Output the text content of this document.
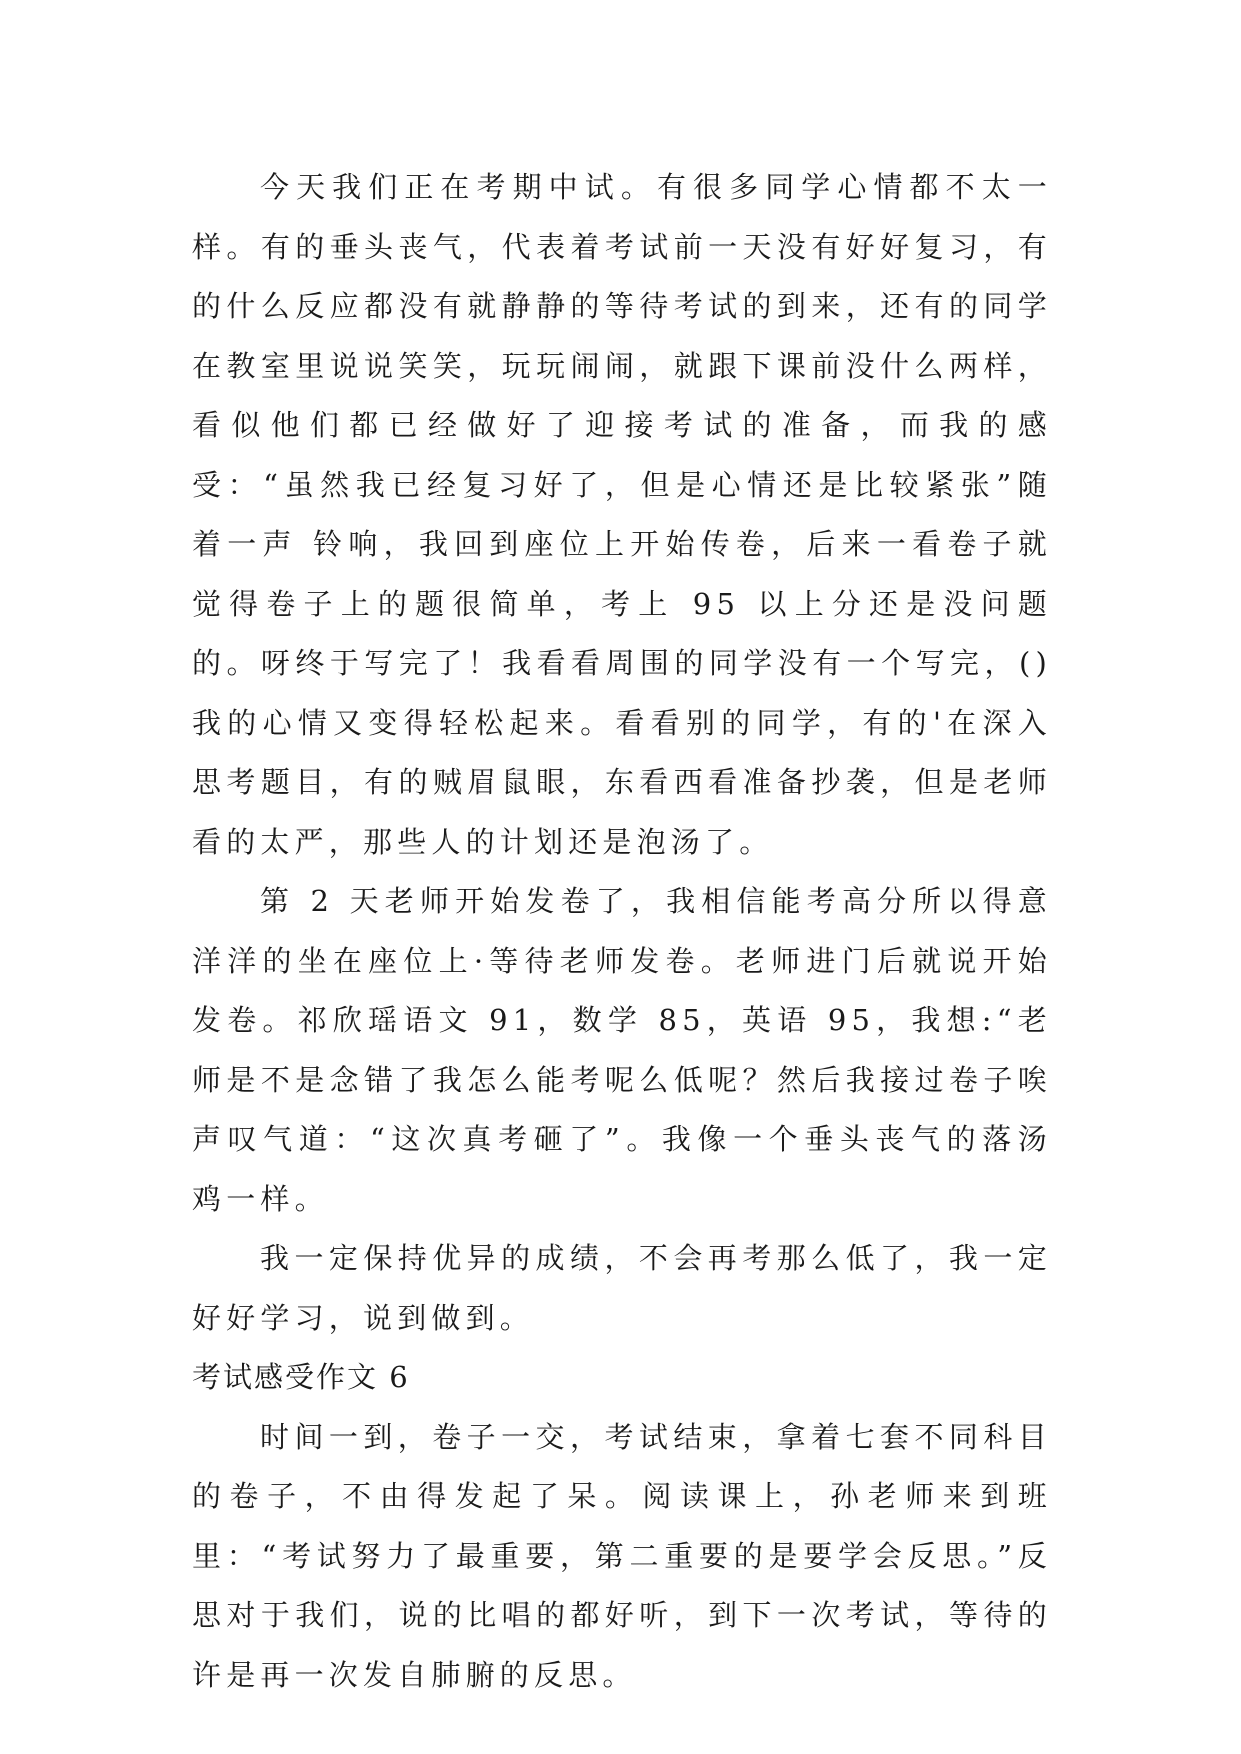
今天我们正在考期中试。有很多同学心情都不太一样。有的垂头丧气，代表着考试前一天没有好好复习，有的什么反应都没有就静静的等待考试的到来，还有的同学在教室里说说笑笑，玩玩闹闹，就跟下课前没什么两样，看似他们都已经做好了迎接考试的准备，而我的感受：“虽然我已经复习好了，但是心情还是比较紧张”随着一声 铃响，我回到座位上开始传卷，后来一看卷子就觉得卷子上的题很简单，考上 95 以上分还是没问题的。呀终于写完了！我看看周围的同学没有一个写完，()我的心情又变得轻松起来。看看别的同学，有的'在深入思考题目，有的贼眉鼠眼，东看西看准备抄袭，但是老师看的太严，那些人的计划还是泡汤了。

第 2 天老师开始发卷了，我相信能考高分所以得意洋洋的坐在座位上·等待老师发卷。老师进门后就说开始发卷。祁欣瑶语文 91，数学 85，英语 95，我想:“老师是不是念错了我怎么能考呢么低呢？然后我接过卷子唉声叹气道：“这次真考砸了”。我像一个垂头丧气的落汤鸡一样。

我一定保持优异的成绩，不会再考那么低了，我一定好好学习，说到做到。

考试感受作文 6

时间一到，卷子一交，考试结束，拿着七套不同科目的卷子，不由得发起了呆。阅读课上，孙老师来到班里：“考试努力了最重要，第二重要的是要学会反思。”反思对于我们，说的比唱的都好听，到下一次考试，等待的许是再一次发自肺腑的反思。
